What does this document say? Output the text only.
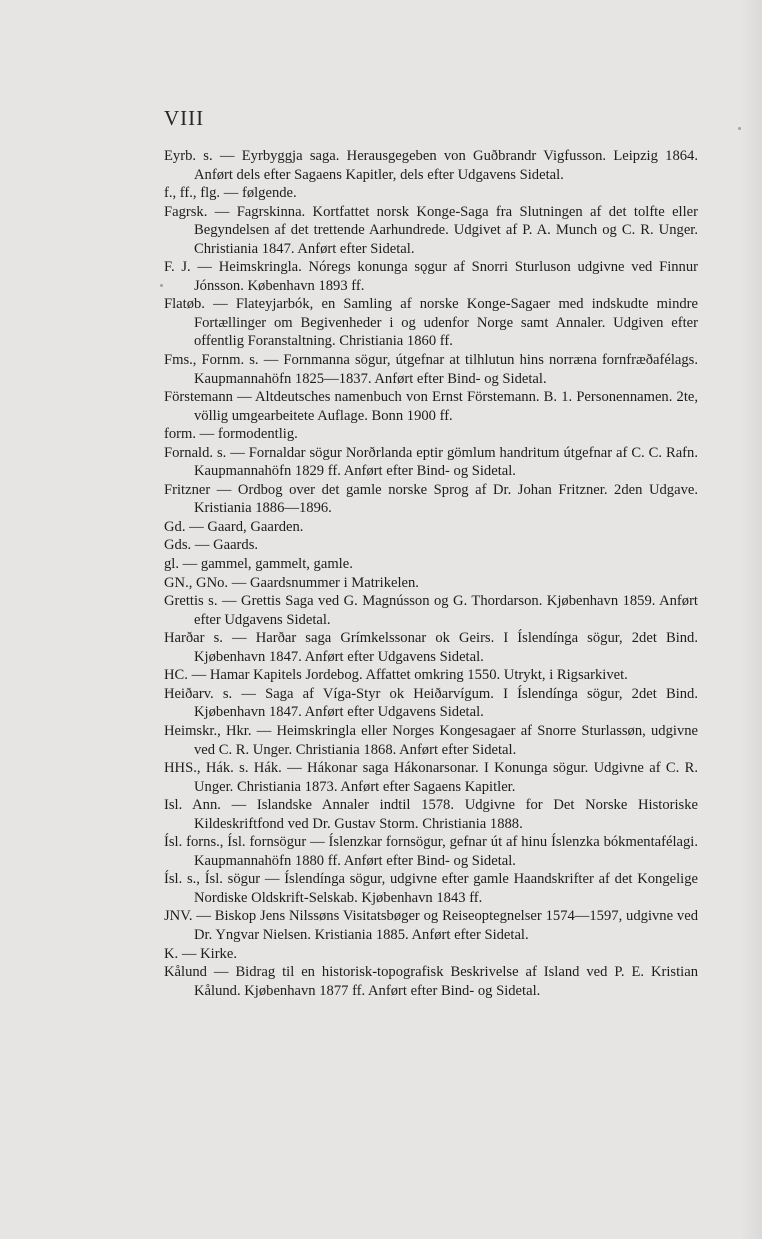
VIII

Eyrb. s. — Eyrbyggja saga. Herausgegeben von Guðbrandr Vigfusson. Leipzig 1864. Anført dels efter Sagaens Kapitler, dels efter Udgavens Sidetal.

f., ff., flg. — følgende.

Fagrsk. — Fagrskinna. Kortfattet norsk Konge-Saga fra Slutningen af det tolfte eller Begyndelsen af det trettende Aarhundrede. Udgivet af P. A. Munch og C. R. Unger. Christiania 1847. Anført efter Sidetal.

F. J. — Heimskringla. Nóregs konunga sǫgur af Snorri Sturluson udgivne ved Finnur Jónsson. København 1893 ff.

Flatøb. — Flateyjarbók, en Samling af norske Konge-Sagaer med indskudte mindre Fortællinger om Begivenheder i og udenfor Norge samt Annaler. Udgiven efter offentlig Foranstaltning. Christiania 1860 ff.

Fms., Fornm. s. — Fornmanna sögur, útgefnar at tilhlutun hins norræna fornfræðafélags. Kaupmannahöfn 1825—1837. Anført efter Bind- og Sidetal.

Förstemann — Altdeutsches namenbuch von Ernst Förstemann. B. 1. Personennamen. 2te, völlig umgearbeitete Auflage. Bonn 1900 ff.

form. — formodentlig.

Fornald. s. — Fornaldar sögur Norðrlanda eptir gömlum handritum útgefnar af C. C. Rafn. Kaupmannahöfn 1829 ff. Anført efter Bind- og Sidetal.

Fritzner — Ordbog over det gamle norske Sprog af Dr. Johan Fritzner. 2den Udgave. Kristiania 1886—1896.

Gd. — Gaard, Gaarden.

Gds. — Gaards.

gl. — gammel, gammelt, gamle.

GN., GNo. — Gaardsnummer i Matrikelen.

Grettis s. — Grettis Saga ved G. Magnússon og G. Thordarson. Kjøbenhavn 1859. Anført efter Udgavens Sidetal.

Harðar s. — Harðar saga Grímkelssonar ok Geirs. I Íslendínga sögur, 2det Bind. Kjøbenhavn 1847. Anført efter Udgavens Sidetal.

HC. — Hamar Kapitels Jordebog. Affattet omkring 1550. Utrykt, i Rigsarkivet.

Heiðarv. s. — Saga af Víga-Styr ok Heiðarvígum. I Íslendínga sögur, 2det Bind. Kjøbenhavn 1847. Anført efter Udgavens Sidetal.

Heimskr., Hkr. — Heimskringla eller Norges Kongesagaer af Snorre Sturlassøn, udgivne ved C. R. Unger. Christiania 1868. Anført efter Sidetal.

HHS., Hák. s. Hák. — Hákonar saga Hákonarsonar. I Konunga sögur. Udgivne af C. R. Unger. Christiania 1873. Anført efter Sagaens Kapitler.

Isl. Ann. — Islandske Annaler indtil 1578. Udgivne for Det Norske Historiske Kildeskriftfond ved Dr. Gustav Storm. Christiania 1888.

Ísl. forns., Ísl. fornsögur — Íslenzkar fornsögur, gefnar út af hinu Íslenzka bókmentafélagi. Kaupmannahöfn 1880 ff. Anført efter Bind- og Sidetal.

Ísl. s., Ísl. sögur — Íslendínga sögur, udgivne efter gamle Haandskrifter af det Kongelige Nordiske Oldskrift-Selskab. Kjøbenhavn 1843 ff.

JNV. — Biskop Jens Nilssøns Visitatsbøger og Reiseoptegnelser 1574—1597, udgivne ved Dr. Yngvar Nielsen. Kristiania 1885. Anført efter Sidetal.

K. — Kirke.

Kålund — Bidrag til en historisk-topografisk Beskrivelse af Island ved P. E. Kristian Kålund. Kjøbenhavn 1877 ff. Anført efter Bind- og Sidetal.
